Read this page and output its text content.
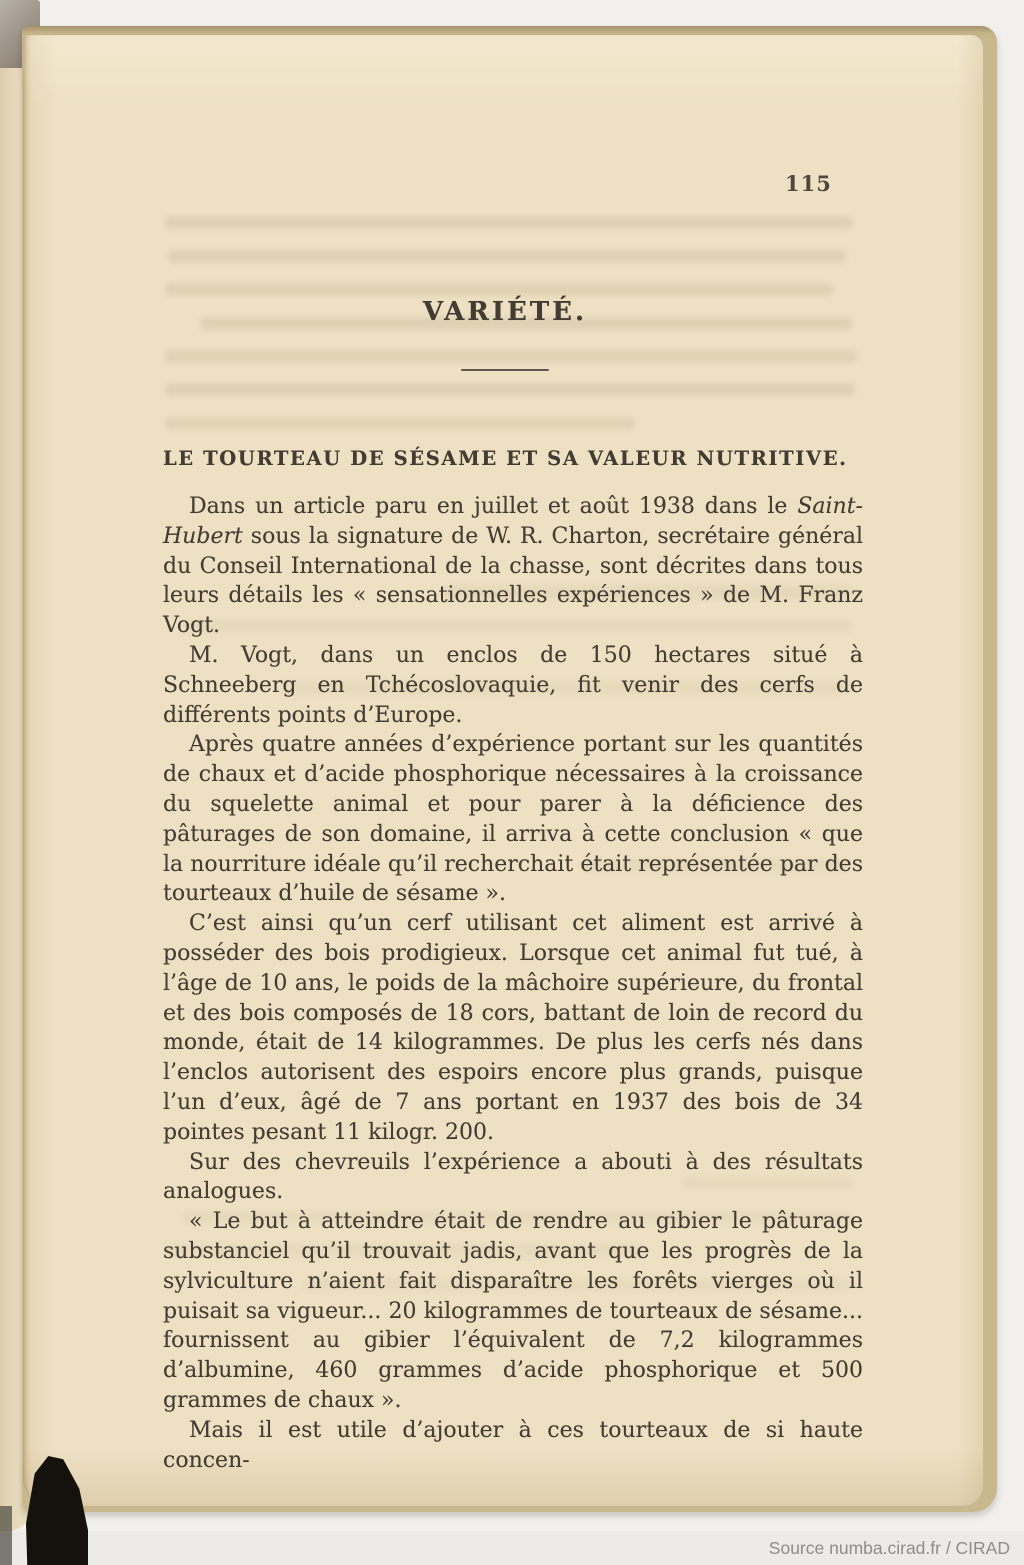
115
VARIÉTÉ.
LE TOURTEAU DE SÉSAME ET SA VALEUR NUTRITIVE.

Dans un article paru en juillet et août 1938 dans le Saint-Hubert sous la signature de W. R. Charton, secrétaire général du Conseil International de la chasse, sont décrites dans tous leurs détails les « sensationnelles expériences » de M. Franz Vogt.

M. Vogt, dans un enclos de 150 hectares situé à Schneeberg en Tchécoslovaquie, fit venir des cerfs de différents points d’Europe.

Après quatre années d’expérience portant sur les quantités de chaux et d’acide phosphorique nécessaires à la croissance du squelette animal et pour parer à la déficience des pâturages de son domaine, il arriva à cette conclusion « que la nourriture idéale qu’il recherchait était représentée par des tourteaux d’huile de sésame ».

C’est ainsi qu’un cerf utilisant cet aliment est arrivé à posséder des bois prodigieux. Lorsque cet animal fut tué, à l’âge de 10 ans, le poids de la mâchoire supérieure, du frontal et des bois composés de 18 cors, battant de loin de record du monde, était de 14 kilogrammes. De plus les cerfs nés dans l’enclos autorisent des espoirs encore plus grands, puisque l’un d’eux, âgé de 7 ans portant en 1937 des bois de 34 pointes pesant 11 kilogr. 200.

Sur des chevreuils l’expérience a abouti à des résultats analogues.

« Le but à atteindre était de rendre au gibier le pâturage substanciel qu’il trouvait jadis, avant que les progrès de la sylviculture n’aient fait disparaître les forêts vierges où il puisait sa vigueur... 20 kilogrammes de tourteaux de sésame... fournissent au gibier l’équivalent de 7,2 kilogrammes d’albumine, 460 grammes d’acide phosphorique et 500 grammes de chaux ».

Mais il est utile d’ajouter à ces tourteaux de si haute concen-

Source numba.cirad.fr / CIRAD
